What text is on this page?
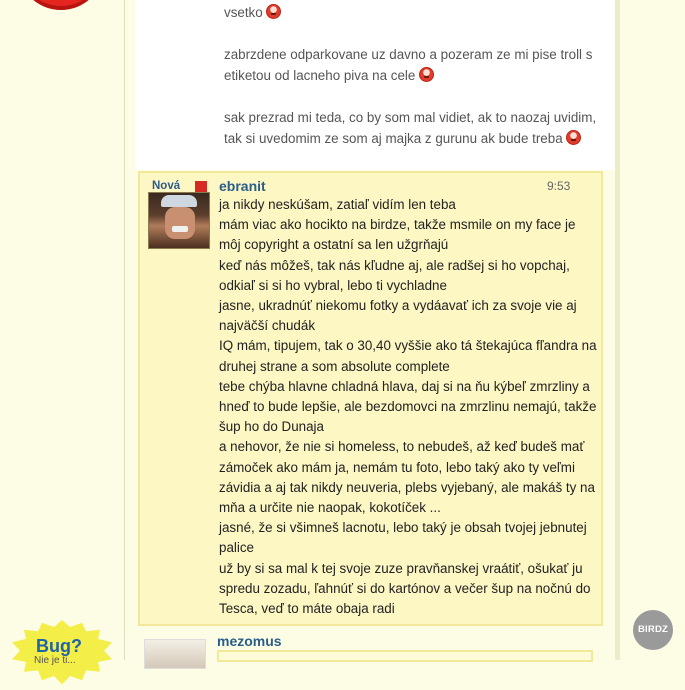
vsetko

zabrzdene odparkovane uz davno a pozeram ze mi pise troll s etiketou od lacneho piva na cele

sak prezrad mi teda, co by som mal vidiet, ak to naozaj uvidim, tak si uvedomim ze som aj majka z gurunu ak bude treba

Nová	ebranit	9:53
ja nikdy neskúšam, zatiaľ vidím len teba
mám viac ako hocikto na birdze, takže msmile on my face je môj copyright a ostatní sa len užgrňajú
keď nás môžeš, tak nás kľudne aj, ale radšej si ho vopchaj, odkiaľ si si ho vybral, lebo ti vychladne
jasne, ukradnúť niekomu fotky a vydáavať ich za svoje vie aj najväčší chudák
IQ mám, tipujem, tak o 30,40 vyššie ako tá štekajúca fľandra na druhej strane a som absolute complete
tebe chýba hlavne chladná hlava, daj si na ňu kýbeľ zmrzliny a hneď to bude lepšie, ale bezdomovci na zmrzlinu nemajú, takže šup ho do Dunaja
a nehovor, že nie si homeless, to nebudeš, až keď budeš mať zámoček ako mám ja, nemám tu foto, lebo taký ako ty veľmi závidia a aj tak nikdy neuveria, plebs vyjebaný, ale makáš ty na mňa a určite nie naopak, kokotíček ...
jasné, že si všimneš lacnotu, lebo taký je obsah tvojej jebnutej palice
už by si sa mal k tej svoje zuze pravňanskej vraátiť, ošukať ju spredu zozadu, ľahnúť si do kartónov a večer šup na nočnú do Tesca, veď to máte obaja radi
mezomus
Bug?
Nie je ti...
BIRDZ
